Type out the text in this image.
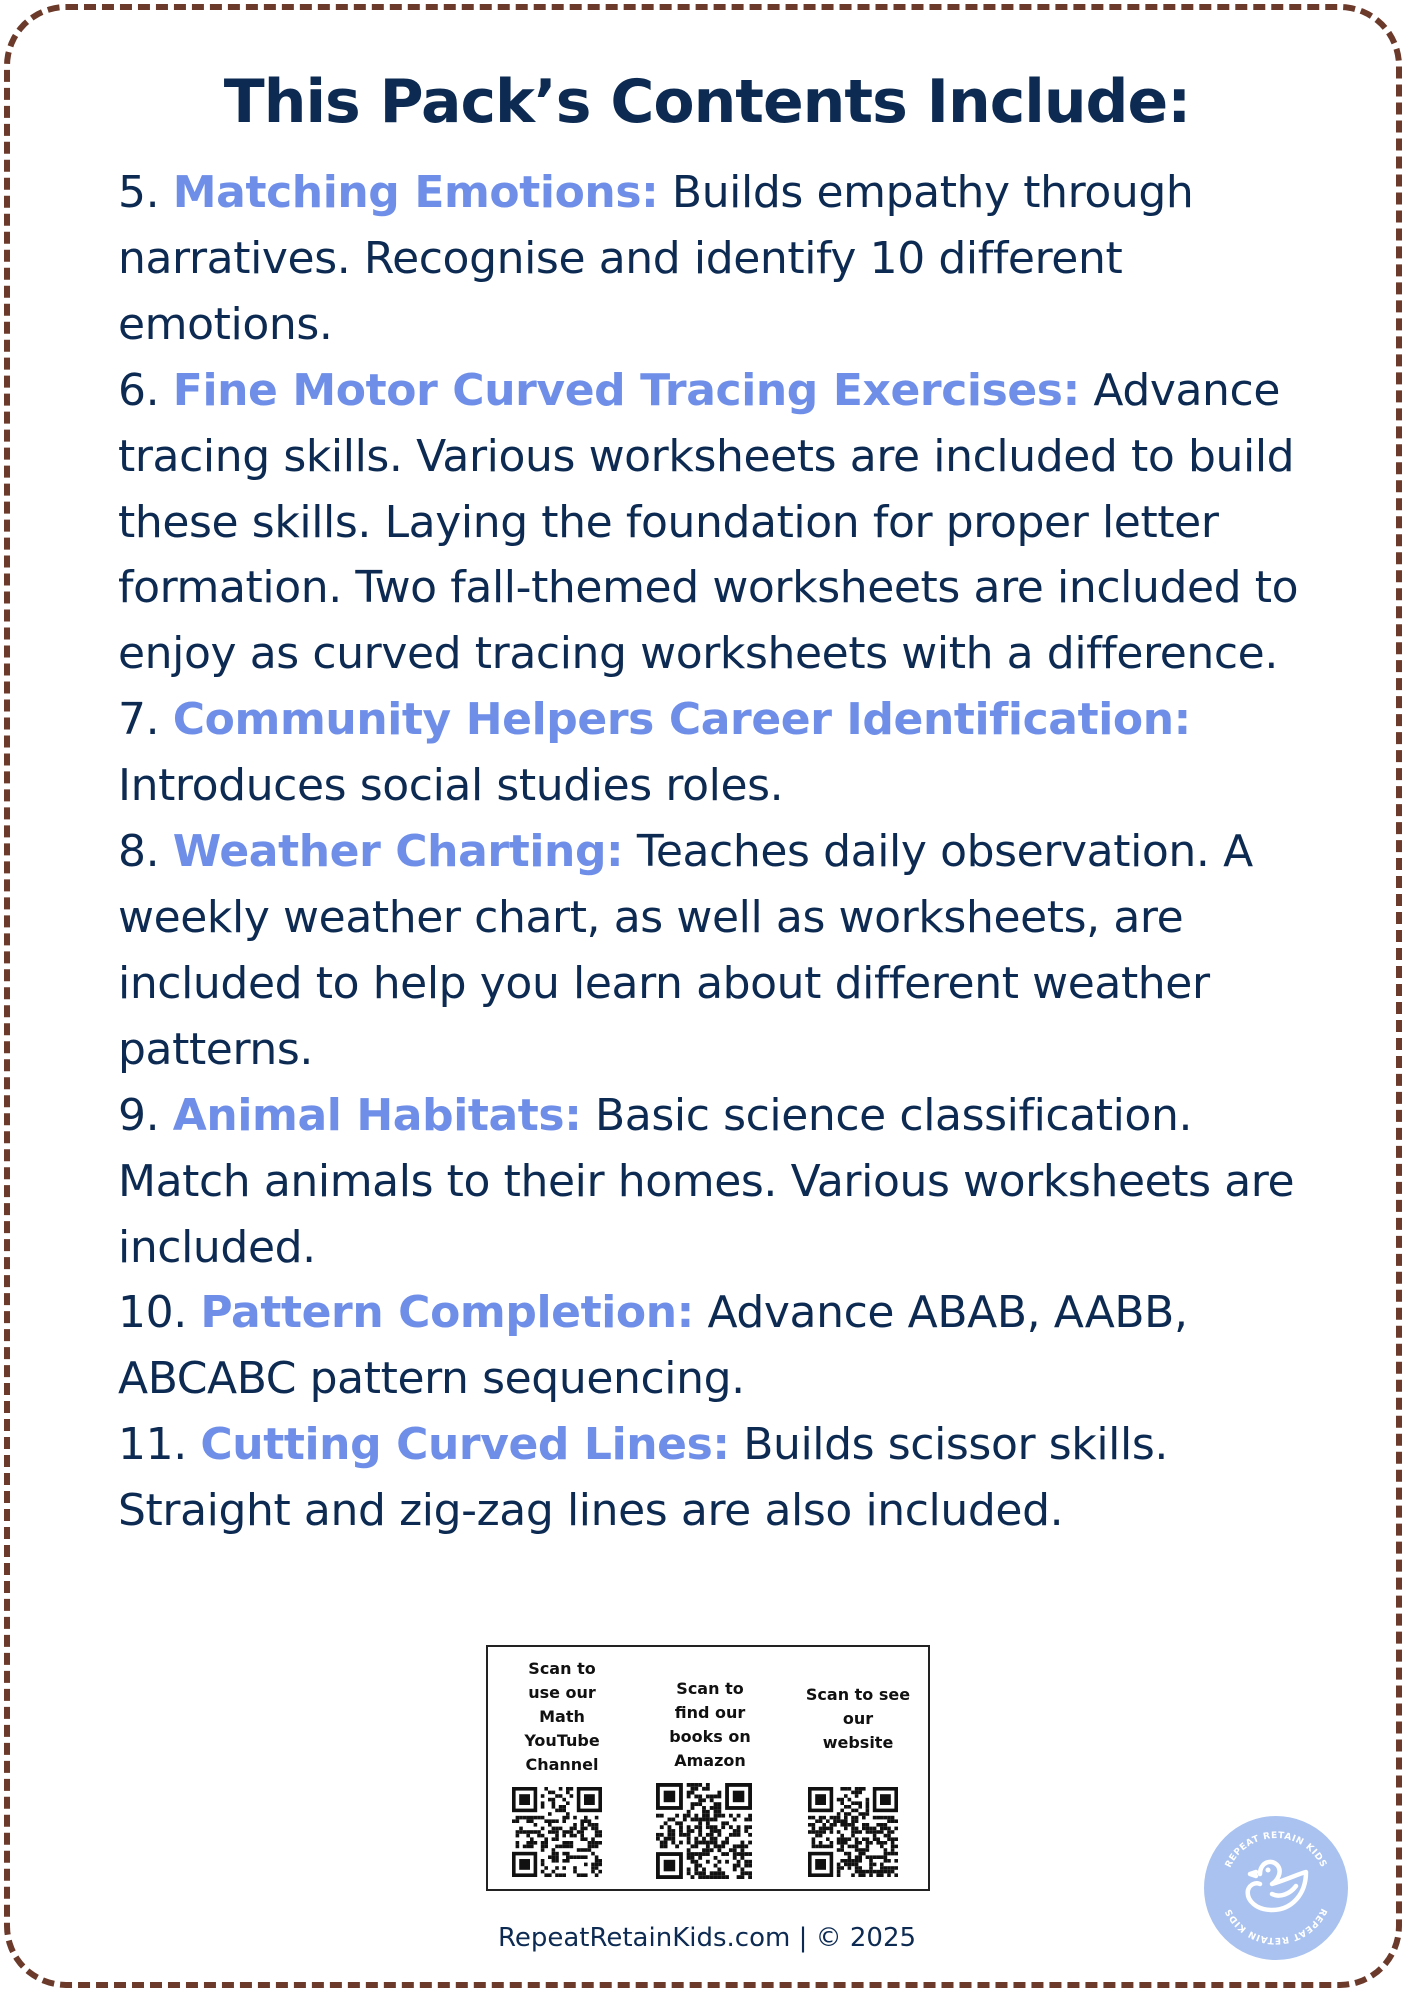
This Pack’s Contents Include:
5. Matching Emotions: Builds empathy through narratives. Recognise and identify 10 different emotions.
6. Fine Motor Curved Tracing Exercises: Advance tracing skills. Various worksheets are included to build these skills. Laying the foundation for proper letter formation. Two fall-themed worksheets are included to enjoy as curved tracing worksheets with a difference.
7. Community Helpers Career Identification: Introduces social studies roles.
8. Weather Charting: Teaches daily observation. A weekly weather chart, as well as worksheets, are included to help you learn about different weather patterns.
9. Animal Habitats: Basic science classification. Match animals to their homes. Various worksheets are included.
10. Pattern Completion: Advance ABAB, AABB, ABCABC pattern sequencing.
11. Cutting Curved Lines: Builds scissor skills. Straight and zig-zag lines are also included.
Scan to
use our
Math
YouTube
Channel
Scan to
find our
books on
Amazon
Scan to see
our
website
RepeatRetainKids.com | © 2025
REPEAT RETAIN KIDS
REPEAT RETAIN KIDS
